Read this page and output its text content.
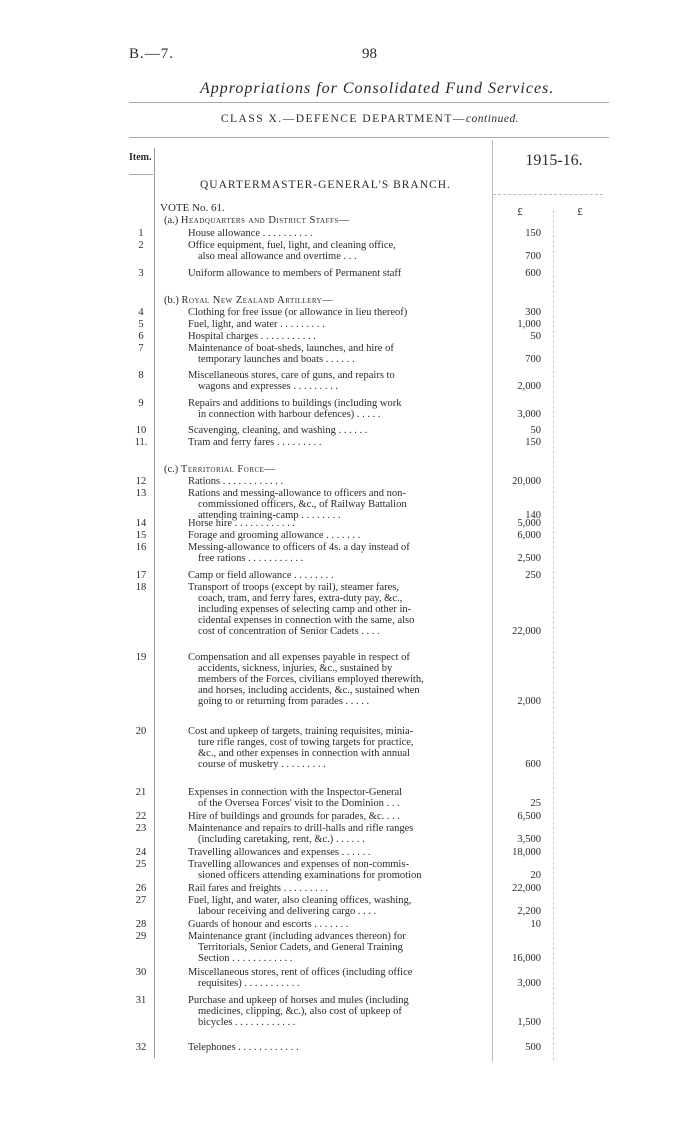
B.—7.	98
Appropriations for Consolidated Fund Services.
CLASS X.—DEFENCE DEPARTMENT—continued.
Item.	1915-16.
QUARTERMASTER-GENERAL'S BRANCH.
VOTE No. 61.	£	£
(a.) Headquarters and District Staffs—
(b.) Royal New Zealand Artillery—
(c.) Territorial Force—
1	House allowance . . . . . . . . . .	150
2	Office equipment, fuel, light, and cleaning office,
also meal allowance and overtime . . .	700
3	Uniform allowance to members of Permanent staff	600
4	Clothing for free issue (or allowance in lieu thereof)	300
5	Fuel, light, and water . . . . . . . . .	1,000
6	Hospital charges . . . . . . . . . . .	50
7	Maintenance of boat-sheds, launches, and hire of
temporary launches and boats . . . . . .	700
8	Miscellaneous stores, care of guns, and repairs to
wagons and expresses . . . . . . . . .	2,000
9	Repairs and additions to buildings (including work
in connection with harbour defences) . . . . .	3,000
10	Scavenging, cleaning, and washing . . . . . .	50
11.	Tram and ferry fares . . . . . . . . .	150
12	Rations . . . . . . . . . . . .	20,000
13	Rations and messing-allowance to officers and non-
commissioned officers, &c., of Railway Battalion
attending training-camp . . . . . . . .	140
14	Horse hire . . . . . . . . . . . .	5,000
15	Forage and grooming allowance . . . . . . .	6,000
16	Messing-allowance to officers of 4s. a day instead of
free rations . . . . . . . . . . .	2,500
17	Camp or field allowance . . . . . . . .	250
18	Transport of troops (except by rail), steamer fares,
coach, tram, and ferry fares, extra-duty pay, &c.,
including expenses of selecting camp and other in-
cidental expenses in connection with the same, also
cost of concentration of Senior Cadets . . . .	22,000
19	Compensation and all expenses payable in respect of
accidents, sickness, injuries, &c., sustained by
members of the Forces, civilians employed therewith,
and horses, including accidents, &c., sustained when
going to or returning from parades . . . . .	2,000
20	Cost and upkeep of targets, training requisites, minia-
ture rifle ranges, cost of towing targets for practice,
&c., and other expenses in connection with annual
course of musketry . . . . . . . . .	600
21	Expenses in connection with the Inspector-General
of the Oversea Forces' visit to the Dominion . . .	25
22	Hire of buildings and grounds for parades, &c. . . .	6,500
23	Maintenance and repairs to drill-halls and rifle ranges
(including caretaking, rent, &c.) . . . . . .	3,500
24	Travelling allowances and expenses . . . . . .	18,000
25	Travelling allowances and expenses of non-commis-
sioned officers attending examinations for promotion	20
26	Rail fares and freights . . . . . . . . .	22,000
27	Fuel, light, and water, also cleaning offices, washing,
labour receiving and delivering cargo . . . .	2,200
28	Guards of honour and escorts . . . . . . .	10
29	Maintenance grant (including advances thereon) for
Territorials, Senior Cadets, and General Training
Section . . . . . . . . . . . .	16,000
30	Miscellaneous stores, rent of offices (including office
requisites) . . . . . . . . . . .	3,000
31	Purchase and upkeep of horses and mules (including
medicines, clipping, &c.), also cost of upkeep of
bicycles . . . . . . . . . . . .	1,500
32	Telephones . . . . . . . . . . . .	500
